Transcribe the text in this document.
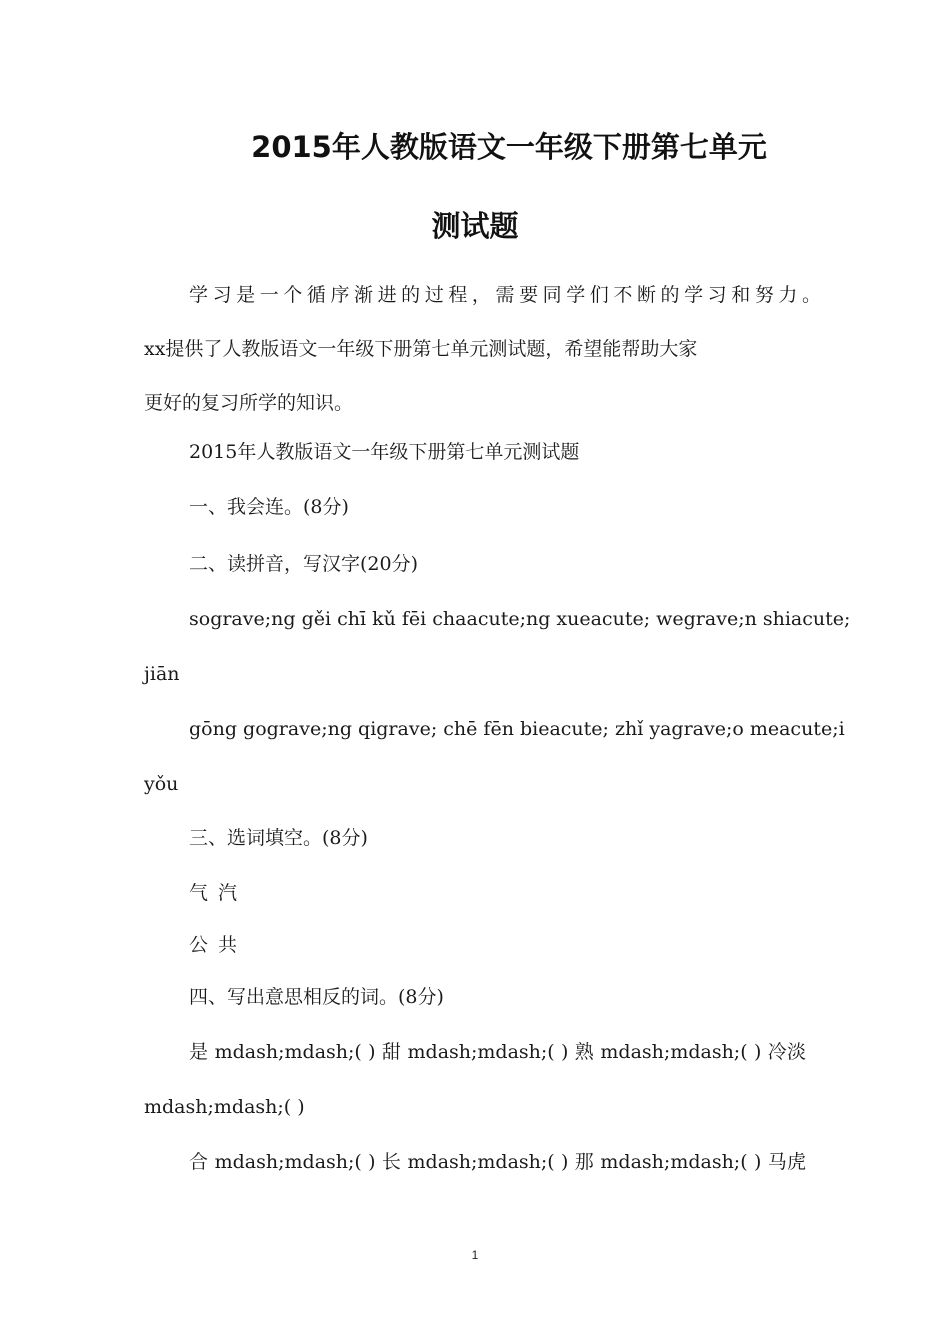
2015年人教版语文一年级下册第七单元
测试题
学习是一个循序渐进的过程，需要同学们不断的学习和努力。
xx提供了人教版语文一年级下册第七单元测试题，希望能帮助大家
更好的复习所学的知识。
2015年人教版语文一年级下册第七单元测试题
一、我会连。(8分)
二、读拼音，写汉字(20分)
sograve;ng gěi chī kǔ fēi chaacute;ng xueacute; wegrave;n shiacute;
jiān
gōng gograve;ng qigrave; chē fēn bieacute; zhǐ yagrave;o meacute;i
yǒu
三、选词填空。(8分)
气 汽
公 共
四、写出意思相反的词。(8分)
是 mdash;mdash;( ) 甜 mdash;mdash;( ) 熟 mdash;mdash;( ) 冷淡
mdash;mdash;( )
合 mdash;mdash;( ) 长 mdash;mdash;( ) 那 mdash;mdash;( ) 马虎
1
